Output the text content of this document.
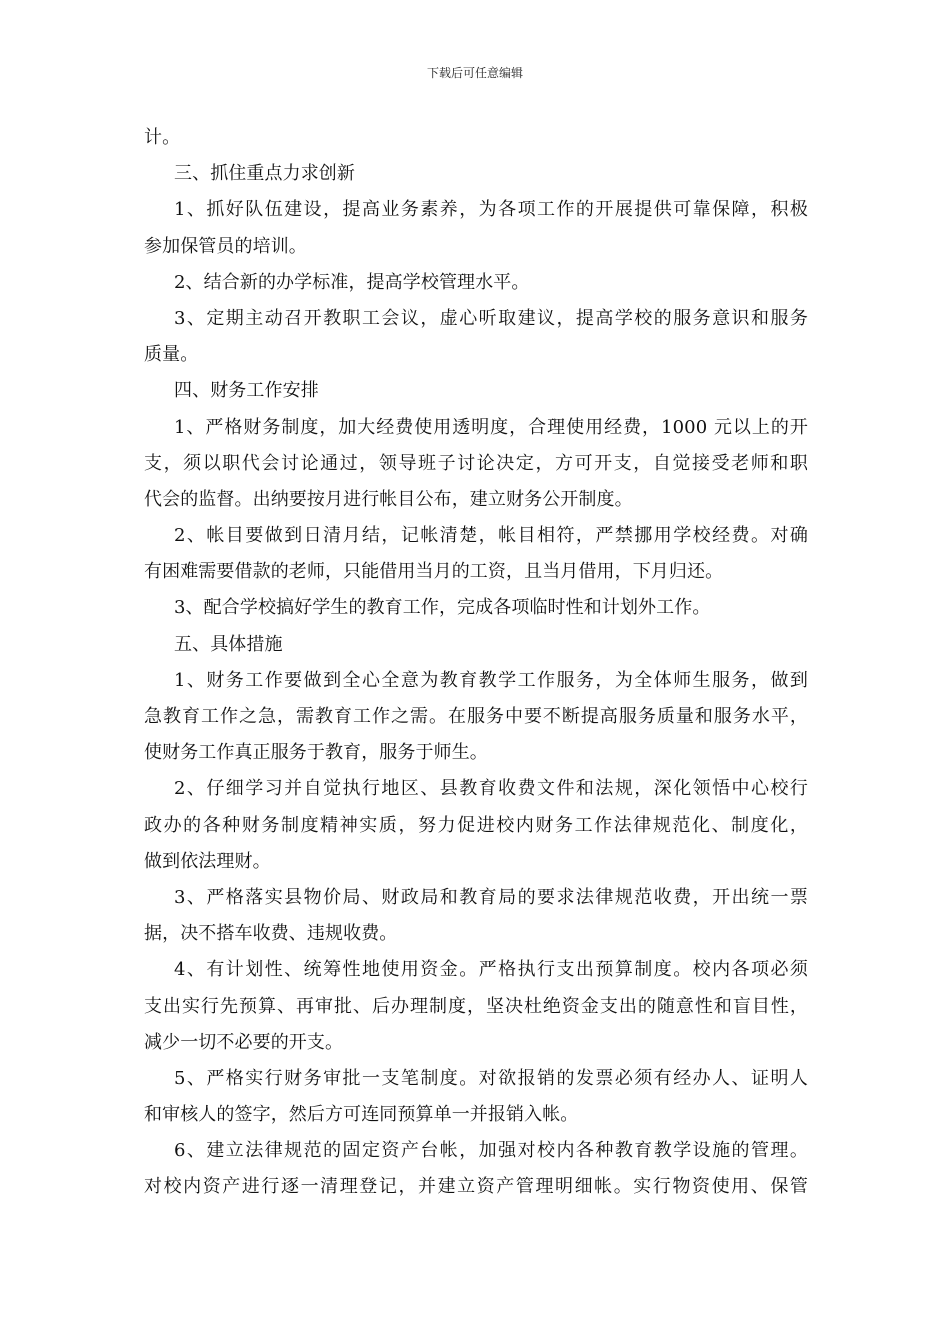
下载后可任意编辑
计。
三、抓住重点力求创新
1、抓好队伍建设，提高业务素养，为各项工作的开展提供可靠保障，积极
参加保管员的培训。
2、结合新的办学标准，提高学校管理水平。
3、定期主动召开教职工会议，虚心听取建议，提高学校的服务意识和服务
质量。
四、财务工作安排
1、严格财务制度，加大经费使用透明度，合理使用经费，1000 元以上的开
支，须以职代会讨论通过，领导班子讨论决定，方可开支，自觉接受老师和职
代会的监督。出纳要按月进行帐目公布，建立财务公开制度。
2、帐目要做到日清月结，记帐清楚，帐目相符，严禁挪用学校经费。对确
有困难需要借款的老师，只能借用当月的工资，且当月借用，下月归还。
3、配合学校搞好学生的教育工作，完成各项临时性和计划外工作。
五、具体措施
1、财务工作要做到全心全意为教育教学工作服务，为全体师生服务，做到
急教育工作之急，需教育工作之需。在服务中要不断提高服务质量和服务水平，
使财务工作真正服务于教育，服务于师生。
2、仔细学习并自觉执行地区、县教育收费文件和法规，深化领悟中心校行
政办的各种财务制度精神实质，努力促进校内财务工作法律规范化、制度化，
做到依法理财。
3、严格落实县物价局、财政局和教育局的要求法律规范收费，开出统一票
据，决不搭车收费、违规收费。
4、有计划性、统筹性地使用资金。严格执行支出预算制度。校内各项必须
支出实行先预算、再审批、后办理制度，坚决杜绝资金支出的随意性和盲目性，
减少一切不必要的开支。
5、严格实行财务审批一支笔制度。对欲报销的发票必须有经办人、证明人
和审核人的签字，然后方可连同预算单一并报销入帐。
6、建立法律规范的固定资产台帐，加强对校内各种教育教学设施的管理。
对校内资产进行逐一清理登记，并建立资产管理明细帐。实行物资使用、保管
